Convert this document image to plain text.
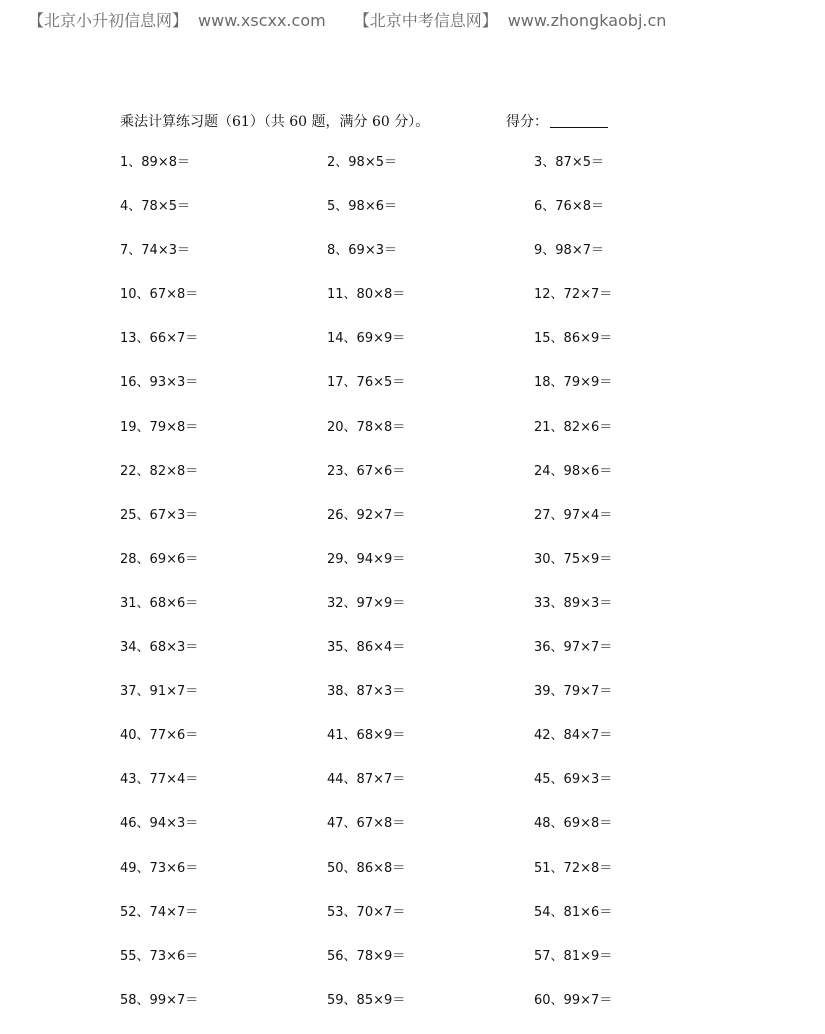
【北京小升初信息网】 www.xscxx.com 【北京中考信息网】 www.zhongkaobj.cn
乘法计算练习题（61）（共 60 题，满分 60 分）。	得分：
1、89×8＝	2、98×5＝	3、87×5＝
4、78×5＝	5、98×6＝	6、76×8＝
7、74×3＝	8、69×3＝	9、98×7＝
10、67×8＝	11、80×8＝	12、72×7＝
13、66×7＝	14、69×9＝	15、86×9＝
16、93×3＝	17、76×5＝	18、79×9＝
19、79×8＝	20、78×8＝	21、82×6＝
22、82×8＝	23、67×6＝	24、98×6＝
25、67×3＝	26、92×7＝	27、97×4＝
28、69×6＝	29、94×9＝	30、75×9＝
31、68×6＝	32、97×9＝	33、89×3＝
34、68×3＝	35、86×4＝	36、97×7＝
37、91×7＝	38、87×3＝	39、79×7＝
40、77×6＝	41、68×9＝	42、84×7＝
43、77×4＝	44、87×7＝	45、69×3＝
46、94×3＝	47、67×8＝	48、69×8＝
49、73×6＝	50、86×8＝	51、72×8＝
52、74×7＝	53、70×7＝	54、81×6＝
55、73×6＝	56、78×9＝	57、81×9＝
58、99×7＝	59、85×9＝	60、99×7＝
